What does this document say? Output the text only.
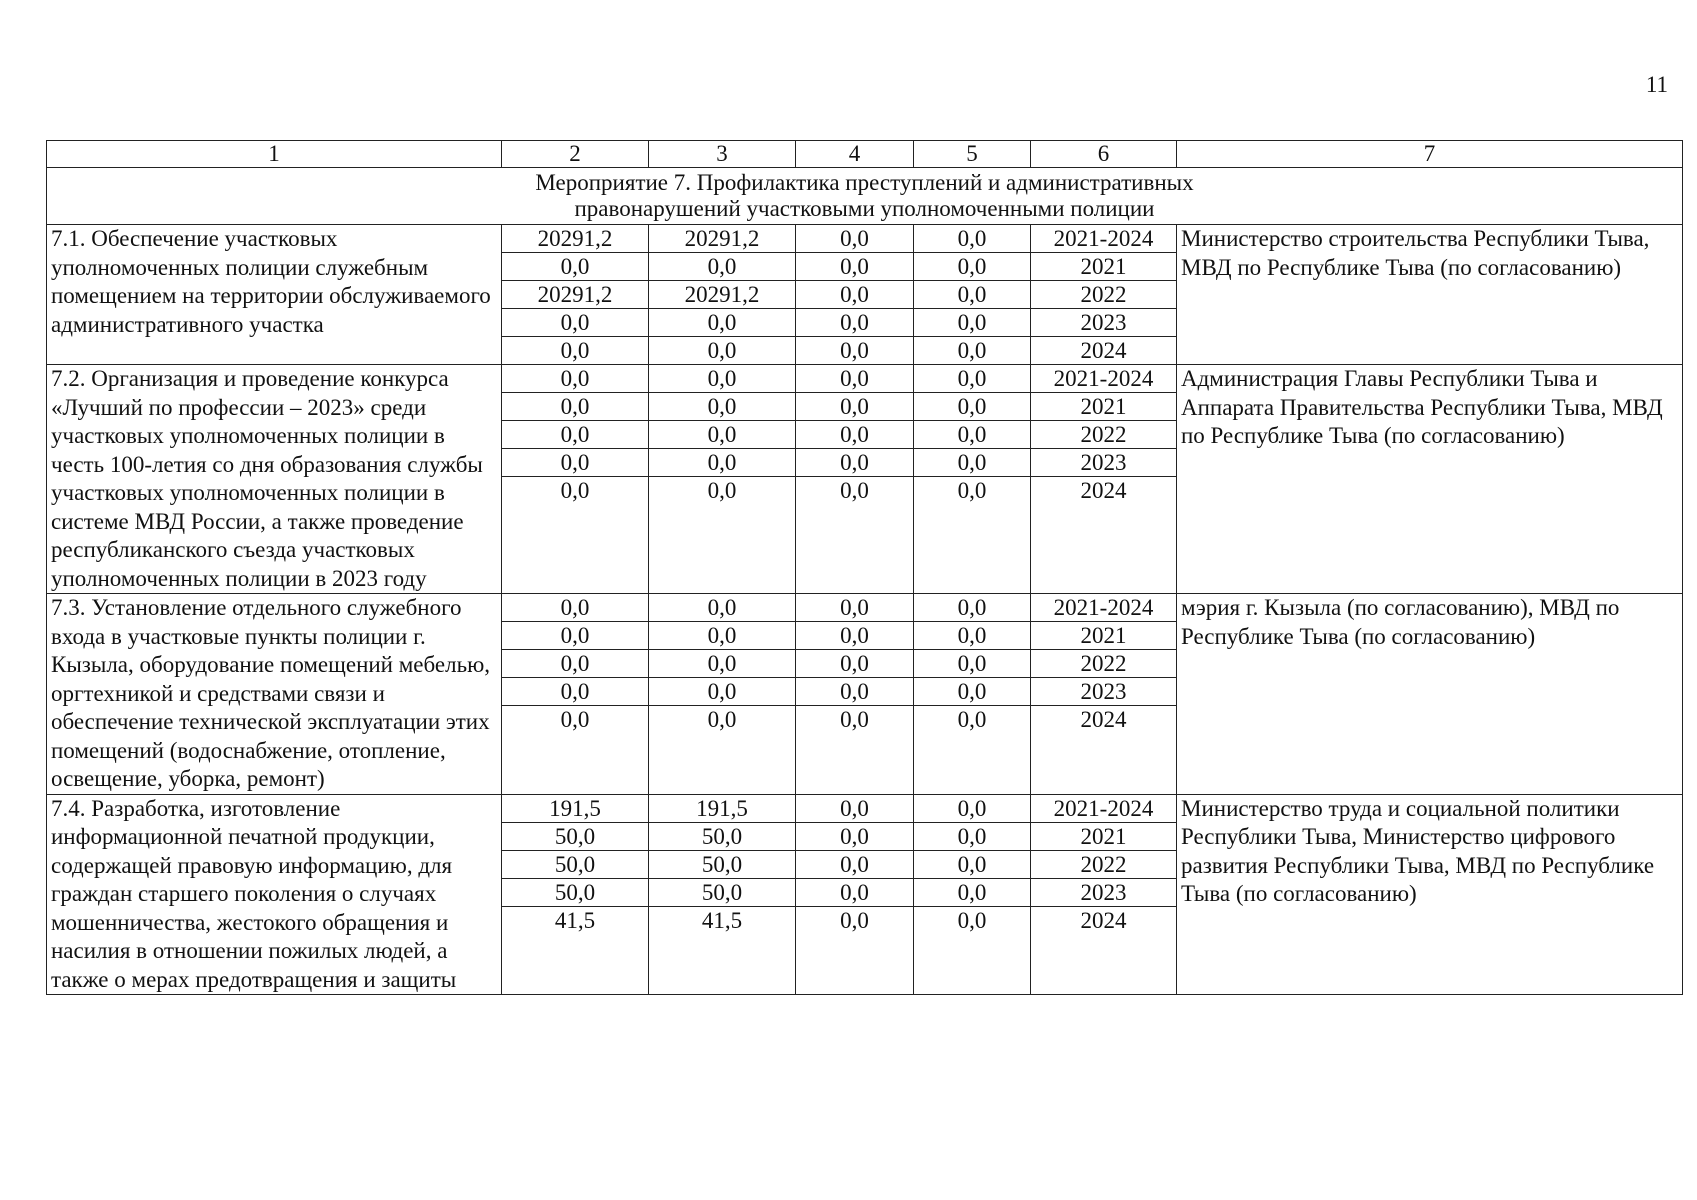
11
1	2	3	4	5	6	7

Мероприятие 7. Профилактика преступлений и административных
правонарушений участковыми уполномоченными полиции						

7.1. Обеспечение участковых уполномоченных полиции служебным помещением на территории обслуживаемого административного участка	20291,2	20291,2	0,0	0,0	2021-2024	Министерство строительства Республики Тыва, МВД по Республике Тыва (по согласованию)
	0,0	0,0	0,0	0,0	2021	
	20291,2	20291,2	0,0	0,0	2022	
	0,0	0,0	0,0	0,0	2023	
	0,0	0,0	0,0	0,0	2024	
7.2. Организация и проведение конкурса «Лучший по профессии – 2023» среди участковых уполномоченных полиции в честь 100-летия со дня образования службы участковых уполномоченных полиции в системе МВД России, а также проведение республиканского съезда участковых уполномоченных полиции в 2023 году	0,0	0,0	0,0	0,0	2021-2024	Администрация Главы Республики Тыва и Аппарата Правительства Республики Тыва, МВД по Республике Тыва (по согласованию)
	0,0	0,0	0,0	0,0	2021	
	0,0	0,0	0,0	0,0	2022	
	0,0	0,0	0,0	0,0	2023	
	0,0	0,0	0,0	0,0	2024	
7.3. Установление отдельного служебного входа в участковые пункты полиции г. Кызыла, оборудование помещений мебелью, оргтехникой и средствами связи и обеспечение технической эксплуатации этих помещений (водоснабжение, отопление, освещение, уборка, ремонт)	0,0	0,0	0,0	0,0	2021-2024	мэрия г. Кызыла (по согласованию), МВД по Республике Тыва (по согласованию)
	0,0	0,0	0,0	0,0	2021	
	0,0	0,0	0,0	0,0	2022	
	0,0	0,0	0,0	0,0	2023	
	0,0	0,0	0,0	0,0	2024	
7.4. Разработка, изготовление информационной печатной продукции, содержащей правовую информацию, для граждан старшего поколения о случаях мошенничества, жестокого обращения и насилия в отношении пожилых людей, а также о мерах предотвращения и защиты	191,5	191,5	0,0	0,0	2021-2024	Министерство труда и социальной политики Республики Тыва, Министерство цифрового развития Республики Тыва, МВД по Республике Тыва (по согласованию)
	50,0	50,0	0,0	0,0	2021	
	50,0	50,0	0,0	0,0	2022	
	50,0	50,0	0,0	0,0	2023	
	41,5	41,5	0,0	0,0	2024	
